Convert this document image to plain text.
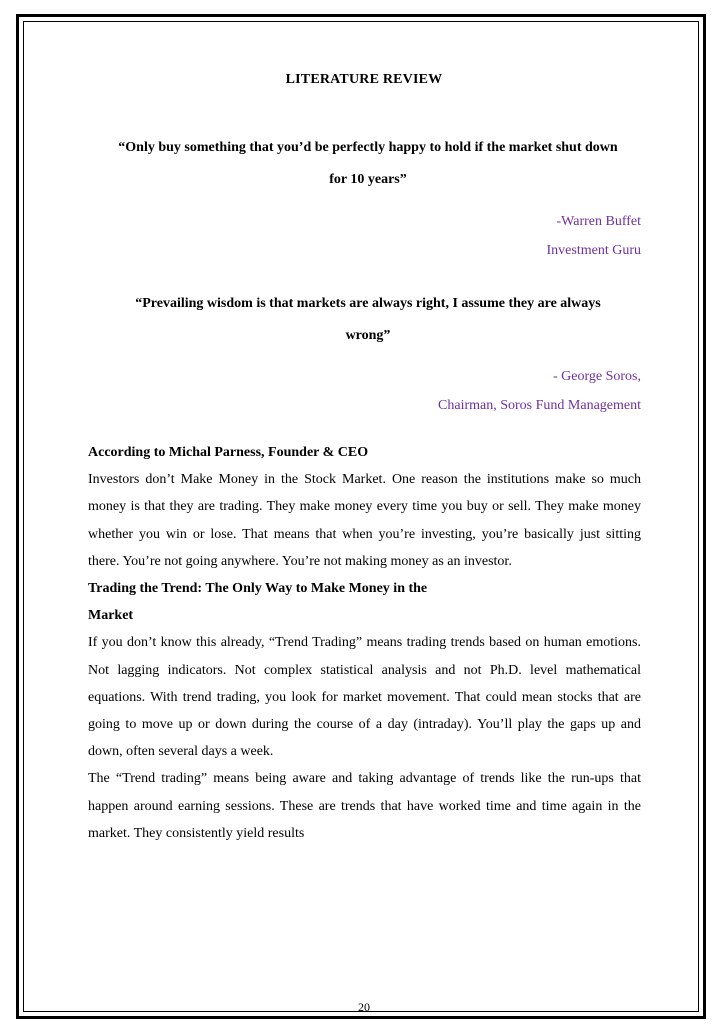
LITERATURE REVIEW
“Only buy something that you’d be perfectly happy to hold if the market shut down
for 10 years”
-Warren Buffet
Investment Guru
“Prevailing wisdom is that markets are always right, I assume they are always
wrong”
- George Soros,
Chairman, Soros Fund Management

According to Michal Parness, Founder & CEO

Investors don’t Make Money in the Stock Market. One reason the institutions make so much money is that they are trading. They make money every time you buy or sell. They make money whether you win or lose. That means that when you’re investing, you’re basically just sitting there. You’re not going anywhere. You’re not making money as an investor.

Trading the Trend: The Only Way to Make Money in the

Market

If you don’t know this already, “Trend Trading” means trading trends based on human emotions. Not lagging indicators. Not complex statistical analysis and not Ph.D. level mathematical equations. With trend trading, you look for market movement. That could mean stocks that are going to move up or down during the course of a day (intraday). You’ll play the gaps up and down, often several days a week.

The “Trend trading” means being aware and taking advantage of trends like the run-ups that happen around earning sessions. These are trends that have worked time and time again in the market. They consistently yield results

20
